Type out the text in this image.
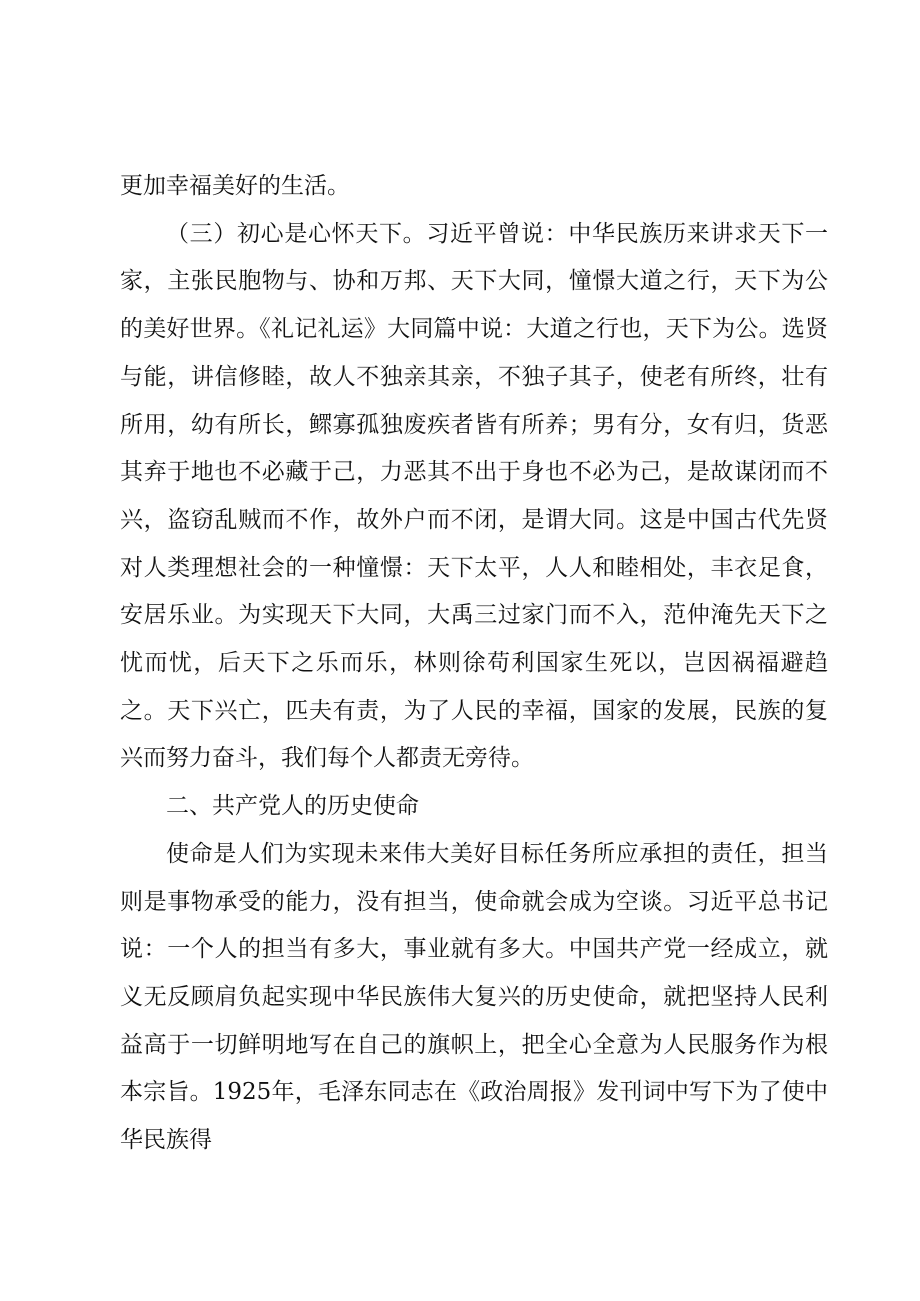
更加幸福美好的生活。

（三）初心是心怀天下。习近平曾说：中华民族历来讲求天下一家，主张民胞物与、协和万邦、天下大同，憧憬大道之行，天下为公的美好世界。《礼记礼运》大同篇中说：大道之行也，天下为公。选贤与能，讲信修睦，故人不独亲其亲，不独子其子，使老有所终，壮有所用，幼有所长，鳏寡孤独废疾者皆有所养；男有分，女有归，货恶其弃于地也不必藏于己，力恶其不出于身也不必为己，是故谋闭而不兴，盗窃乱贼而不作，故外户而不闭，是谓大同。这是中国古代先贤对人类理想社会的一种憧憬：天下太平，人人和睦相处，丰衣足食，安居乐业。为实现天下大同，大禹三过家门而不入，范仲淹先天下之忧而忧，后天下之乐而乐，林则徐苟利国家生死以，岂因祸福避趋之。天下兴亡，匹夫有责，为了人民的幸福，国家的发展，民族的复兴而努力奋斗，我们每个人都责无旁待。

二、共产党人的历史使命

使命是人们为实现未来伟大美好目标任务所应承担的责任，担当则是事物承受的能力，没有担当，使命就会成为空谈。习近平总书记说：一个人的担当有多大，事业就有多大。中国共产党一经成立，就义无反顾肩负起实现中华民族伟大复兴的历史使命，就把坚持人民利益高于一切鲜明地写在自己的旗帜上，把全心全意为人民服务作为根本宗旨。1925年，毛泽东同志在《政治周报》发刊词中写下为了使中华民族得
